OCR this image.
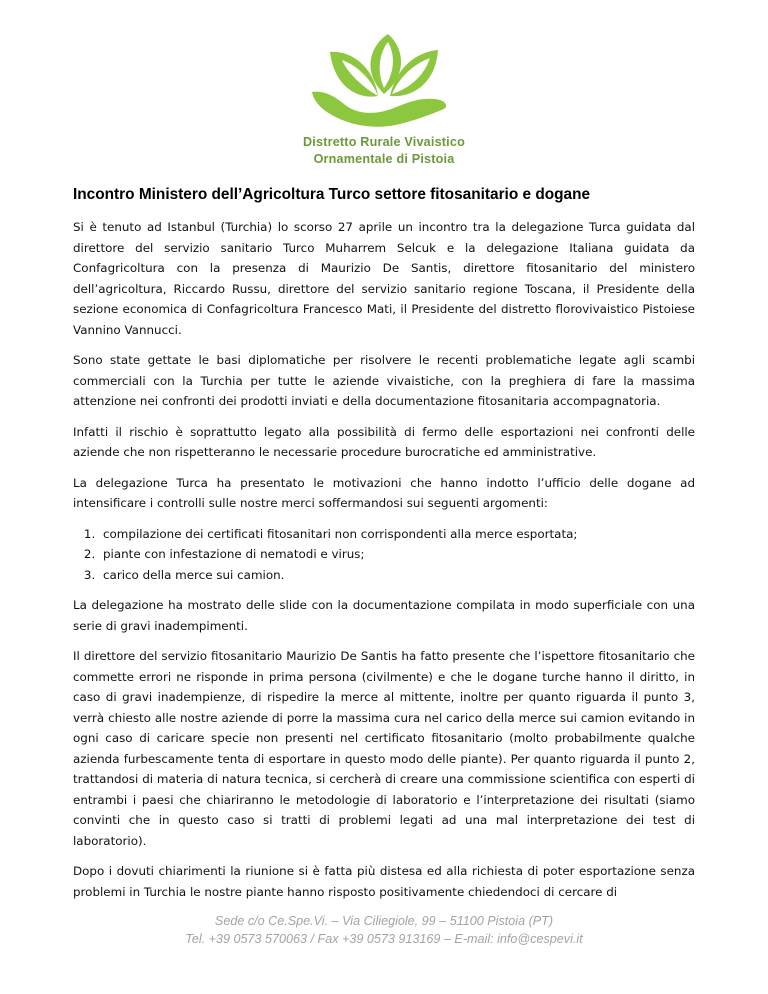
Distretto Rurale Vivaistico
Ornamentale di Pistoia
Incontro Ministero dell’Agricoltura Turco settore fitosanitario e dogane

Si è tenuto ad Istanbul (Turchia) lo scorso 27 aprile un incontro tra la delegazione Turca guidata dal direttore del servizio sanitario Turco Muharrem Selcuk e la delegazione Italiana guidata da Confagricoltura con la presenza di Maurizio De Santis, direttore fitosanitario del ministero dell’agricoltura, Riccardo Russu, direttore del servizio sanitario regione Toscana, il Presidente della sezione economica di Confagricoltura Francesco Mati, il Presidente del distretto florovivaistico Pistoiese Vannino Vannucci.

Sono state gettate le basi diplomatiche per risolvere le recenti problematiche legate agli scambi commerciali con la Turchia per tutte le aziende vivaistiche, con la preghiera di fare la massima attenzione nei confronti dei prodotti inviati e della documentazione fitosanitaria accompagnatoria.

Infatti il rischio è soprattutto legato alla possibilità di fermo delle esportazioni nei confronti delle aziende che non rispetteranno le necessarie procedure burocratiche ed amministrative.

La delegazione Turca ha presentato le motivazioni che hanno indotto l’ufficio delle dogane ad intensificare i controlli sulle nostre merci soffermandosi sui seguenti argomenti:

1. compilazione dei certificati fitosanitari non corrispondenti alla merce esportata;
2. piante con infestazione di nematodi e virus;
3. carico della merce sui camion.

La delegazione ha mostrato delle slide con la documentazione compilata in modo superficiale con una serie di gravi inadempimenti.

Il direttore del servizio fitosanitario Maurizio De Santis ha fatto presente che l’ispettore fitosanitario che commette errori ne risponde in prima persona (civilmente) e che le dogane turche hanno il diritto, in caso di gravi inadempienze, di rispedire la merce al mittente, inoltre per quanto riguarda il punto 3, verrà chiesto alle nostre aziende di porre la massima cura nel carico della merce sui camion evitando in ogni caso di caricare specie non presenti nel certificato fitosanitario (molto probabilmente qualche azienda furbescamente tenta di esportare in questo modo delle piante). Per quanto riguarda il punto 2, trattandosi di materia di natura tecnica, si cercherà di creare una commissione scientifica con esperti di entrambi i paesi che chiariranno le metodologie di laboratorio e l’interpretazione dei risultati (siamo convinti che in questo caso si tratti di problemi legati ad una mal interpretazione dei test di laboratorio).

Dopo i dovuti chiarimenti la riunione si è fatta più distesa ed alla richiesta di poter esportazione senza problemi in Turchia le nostre piante hanno risposto positivamente chiedendoci di cercare di

Sede c/o Ce.Spe.Vi. – Via Ciliegiole, 99 – 51100 Pistoia (PT)
Tel. +39 0573 570063 / Fax +39 0573 913169 – E-mail: info@cespevi.it
